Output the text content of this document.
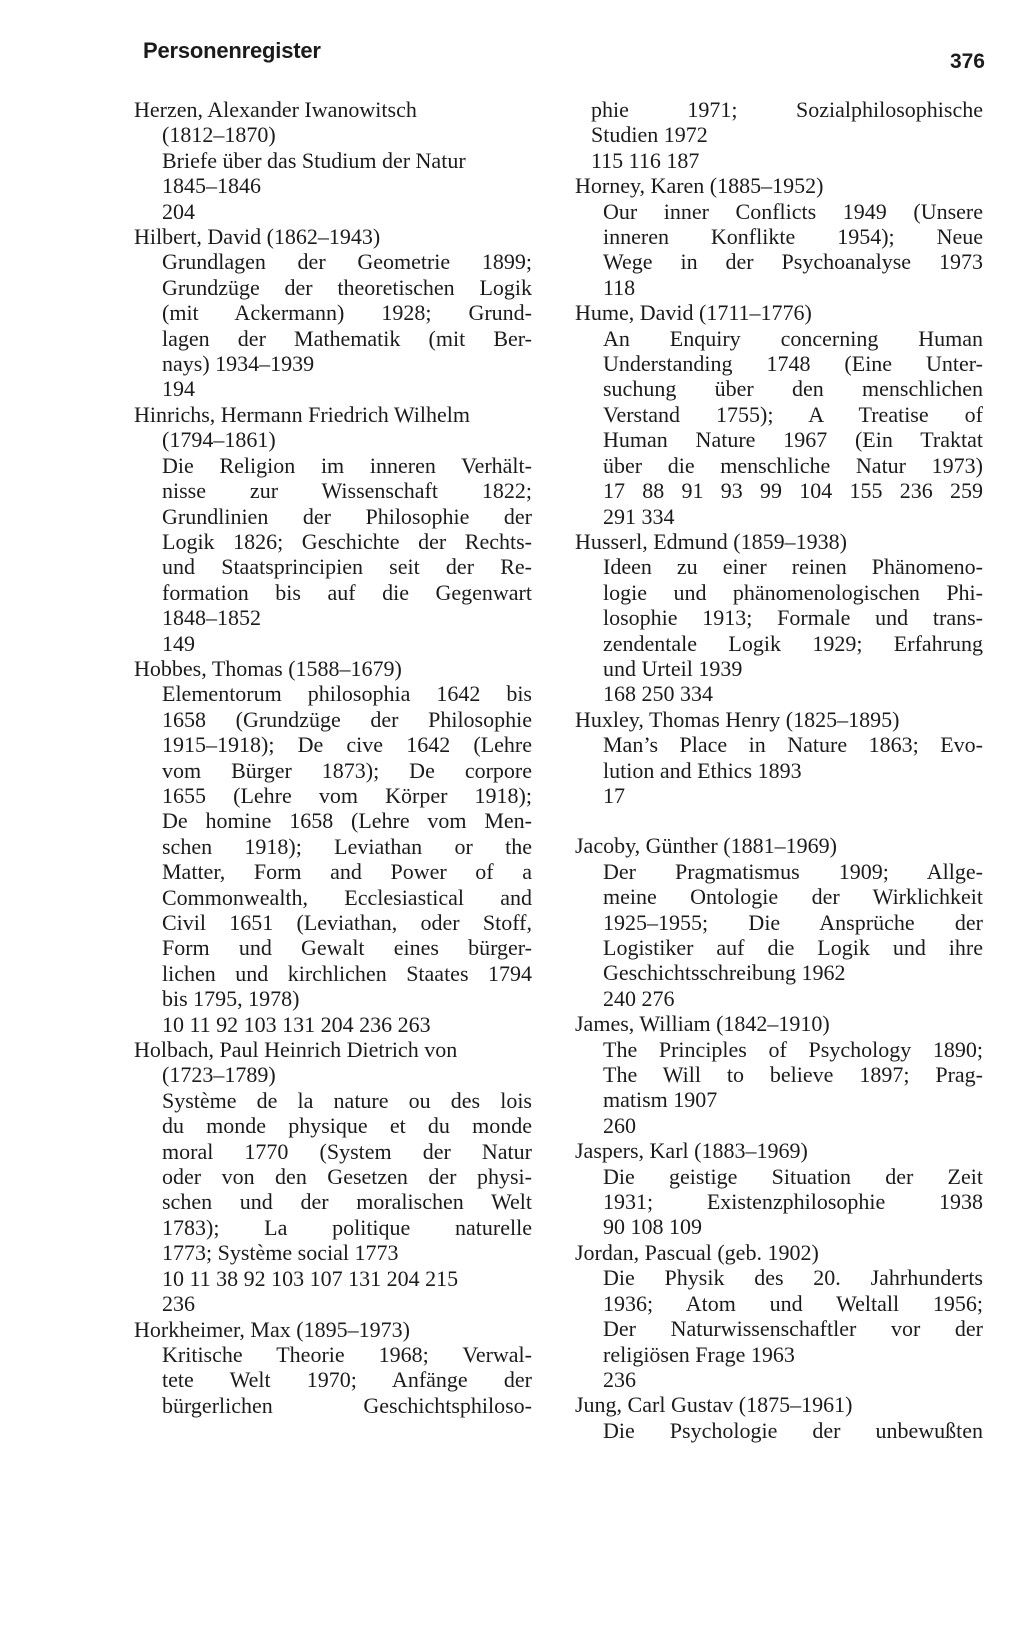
Personenregister	376
Herzen, Alexander Iwanowitsch
(1812–1870)
Briefe über das Studium der Natur
1845–1846
204
Hilbert, David (1862–1943)
Grundlagen der Geometrie 1899;
Grundzüge der theoretischen Logik
(mit Ackermann) 1928; Grund-
lagen der Mathematik (mit Ber-
nays) 1934–1939
194
Hinrichs, Hermann Friedrich Wilhelm
(1794–1861)
Die Religion im inneren Verhält-
nisse zur Wissenschaft 1822;
Grundlinien der Philosophie der
Logik 1826; Geschichte der Rechts-
und Staatsprincipien seit der Re-
formation bis auf die Gegenwart
1848–1852
149
Hobbes, Thomas (1588–1679)
Elementorum philosophia 1642 bis
1658 (Grundzüge der Philosophie
1915–1918); De cive 1642 (Lehre
vom Bürger 1873); De corpore
1655 (Lehre vom Körper 1918);
De homine 1658 (Lehre vom Men-
schen 1918); Leviathan or the
Matter, Form and Power of a
Commonwealth, Ecclesiastical and
Civil 1651 (Leviathan, oder Stoff,
Form und Gewalt eines bürger-
lichen und kirchlichen Staates 1794
bis 1795, 1978)
10 11 92 103 131 204 236 263
Holbach, Paul Heinrich Dietrich von
(1723–1789)
Système de la nature ou des lois
du monde physique et du monde
moral 1770 (System der Natur
oder von den Gesetzen der physi-
schen und der moralischen Welt
1783); La politique naturelle
1773; Système social 1773
10 11 38 92 103 107 131 204 215
236
Horkheimer, Max (1895–1973)
Kritische Theorie 1968; Verwal-
tete Welt 1970; Anfänge der
bürgerlichen Geschichtsphiloso-
phie 1971; Sozialphilosophische
Studien 1972
115 116 187
Horney, Karen (1885–1952)
Our inner Conflicts 1949 (Unsere
inneren Konflikte 1954); Neue
Wege in der Psychoanalyse 1973
118
Hume, David (1711–1776)
An Enquiry concerning Human
Understanding 1748 (Eine Unter-
suchung über den menschlichen
Verstand 1755); A Treatise of
Human Nature 1967 (Ein Traktat
über die menschliche Natur 1973)
17 88 91 93 99 104 155 236 259
291 334
Husserl, Edmund (1859–1938)
Ideen zu einer reinen Phänomeno-
logie und phänomenologischen Phi-
losophie 1913; Formale und trans-
zendentale Logik 1929; Erfahrung
und Urteil 1939
168 250 334
Huxley, Thomas Henry (1825–1895)
Man’s Place in Nature 1863; Evo-
lution and Ethics 1893
17
Jacoby, Günther (1881–1969)
Der Pragmatismus 1909; Allge-
meine Ontologie der Wirklichkeit
1925–1955; Die Ansprüche der
Logistiker auf die Logik und ihre
Geschichtsschreibung 1962
240 276
James, William (1842–1910)
The Principles of Psychology 1890;
The Will to believe 1897; Prag-
matism 1907
260
Jaspers, Karl (1883–1969)
Die geistige Situation der Zeit
1931; Existenzphilosophie 1938
90 108 109
Jordan, Pascual (geb. 1902)
Die Physik des 20. Jahrhunderts
1936; Atom und Weltall 1956;
Der Naturwissenschaftler vor der
religiösen Frage 1963
236
Jung, Carl Gustav (1875–1961)
Die Psychologie der unbewußten
